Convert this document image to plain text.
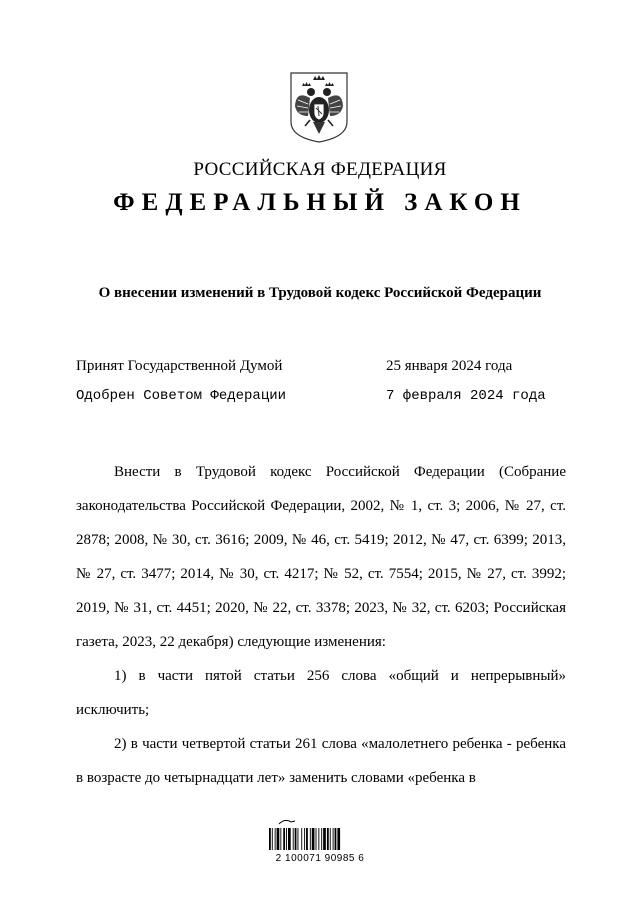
РОССИЙСКАЯ ФЕДЕРАЦИЯ
ФЕДЕРАЛЬНЫЙ ЗАКОН
О внесении изменений в Трудовой кодекс Российской Федерации
Принят Государственной Думой	25 января 2024 года
Одобрен Советом Федерации	7 февраля 2024 года

Внести в Трудовой кодекс Российской Федерации (Собрание законодательства Российской Федерации, 2002, № 1, ст. 3; 2006, № 27, ст. 2878; 2008, № 30, ст. 3616; 2009, № 46, ст. 5419; 2012, № 47, ст. 6399; 2013, № 27, ст. 3477; 2014, № 30, ст. 4217; № 52, ст. 7554; 2015, № 27, ст. 3992; 2019, № 31, ст. 4451; 2020, № 22, ст. 3378; 2023, № 32, ст. 6203; Российская газета, 2023, 22 декабря) следующие изменения:

1) в части пятой статьи 256 слова «общий и непрерывный» исключить;

2) в части четвертой статьи 261 слова «малолетнего ребенка - ребенка в возрасте до четырнадцати лет» заменить словами «ребенка в

2 100071 90985 6
